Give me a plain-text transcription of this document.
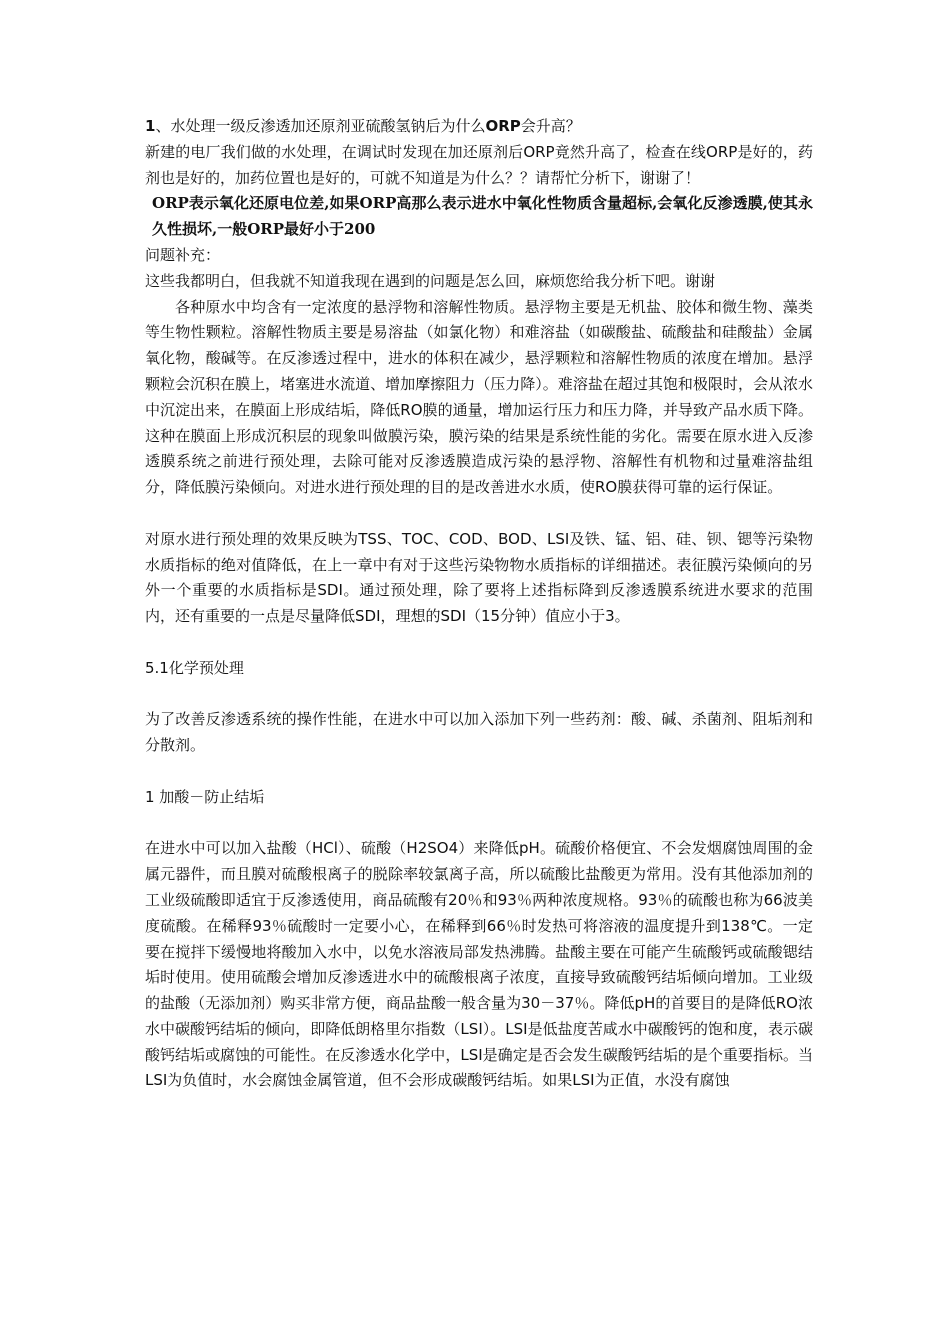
1、水处理一级反渗透加还原剂亚硫酸氢钠后为什么ORP会升高？

新建的电厂我们做的水处理，在调试时发现在加还原剂后ORP竟然升高了，检查在线ORP是好的，药剂也是好的，加药位置也是好的，可就不知道是为什么？？请帮忙分析下，谢谢了！

ORP表示氧化还原电位差,如果ORP高那么表示进水中氧化性物质含量超标,会氧化反渗透膜,使其永久性损坏,一般ORP最好小于200

问题补充：

这些我都明白，但我就不知道我现在遇到的问题是怎么回，麻烦您给我分析下吧。谢谢

各种原水中均含有一定浓度的悬浮物和溶解性物质。悬浮物主要是无机盐、胶体和微生物、藻类等生物性颗粒。溶解性物质主要是易溶盐（如氯化物）和难溶盐（如碳酸盐、硫酸盐和硅酸盐）金属氧化物，酸碱等。在反渗透过程中，进水的体积在减少，悬浮颗粒和溶解性物质的浓度在增加。悬浮颗粒会沉积在膜上，堵塞进水流道、增加摩擦阻力（压力降）。难溶盐在超过其饱和极限时，会从浓水中沉淀出来，在膜面上形成结垢，降低RO膜的通量，增加运行压力和压力降，并导致产品水质下降。这种在膜面上形成沉积层的现象叫做膜污染，膜污染的结果是系统性能的劣化。需要在原水进入反渗透膜系统之前进行预处理，去除可能对反渗透膜造成污染的悬浮物、溶解性有机物和过量难溶盐组分，降低膜污染倾向。对进水进行预处理的目的是改善进水水质，使RO膜获得可靠的运行保证。

对原水进行预处理的效果反映为TSS、TOC、COD、BOD、LSI及铁、锰、铝、硅、钡、锶等污染物水质指标的绝对值降低，在上一章中有对于这些污染物物水质指标的详细描述。表征膜污染倾向的另外一个重要的水质指标是SDI。通过预处理，除了要将上述指标降到反渗透膜系统进水要求的范围内，还有重要的一点是尽量降低SDI，理想的SDI（15分钟）值应小于3。

5.1化学预处理

为了改善反渗透系统的操作性能，在进水中可以加入添加下列一些药剂：酸、碱、杀菌剂、阻垢剂和分散剂。

1 加酸－防止结垢

在进水中可以加入盐酸（HCl）、硫酸（H2SO4）来降低pH。硫酸价格便宜、不会发烟腐蚀周围的金属元器件，而且膜对硫酸根离子的脱除率较氯离子高，所以硫酸比盐酸更为常用。没有其他添加剂的工业级硫酸即适宜于反渗透使用，商品硫酸有20％和93％两种浓度规格。93％的硫酸也称为66波美度硫酸。在稀释93％硫酸时一定要小心，在稀释到66％时发热可将溶液的温度提升到138℃。一定要在搅拌下缓慢地将酸加入水中，以免水溶液局部发热沸腾。盐酸主要在可能产生硫酸钙或硫酸锶结垢时使用。使用硫酸会增加反渗透进水中的硫酸根离子浓度，直接导致硫酸钙结垢倾向增加。工业级的盐酸（无添加剂）购买非常方便，商品盐酸一般含量为30－37％。降低pH的首要目的是降低RO浓水中碳酸钙结垢的倾向，即降低朗格里尔指数（LSI）。LSI是低盐度苦咸水中碳酸钙的饱和度，表示碳酸钙结垢或腐蚀的可能性。在反渗透水化学中，LSI是确定是否会发生碳酸钙结垢的是个重要指标。当LSI为负值时，水会腐蚀金属管道，但不会形成碳酸钙结垢。如果LSI为正值，水没有腐蚀
